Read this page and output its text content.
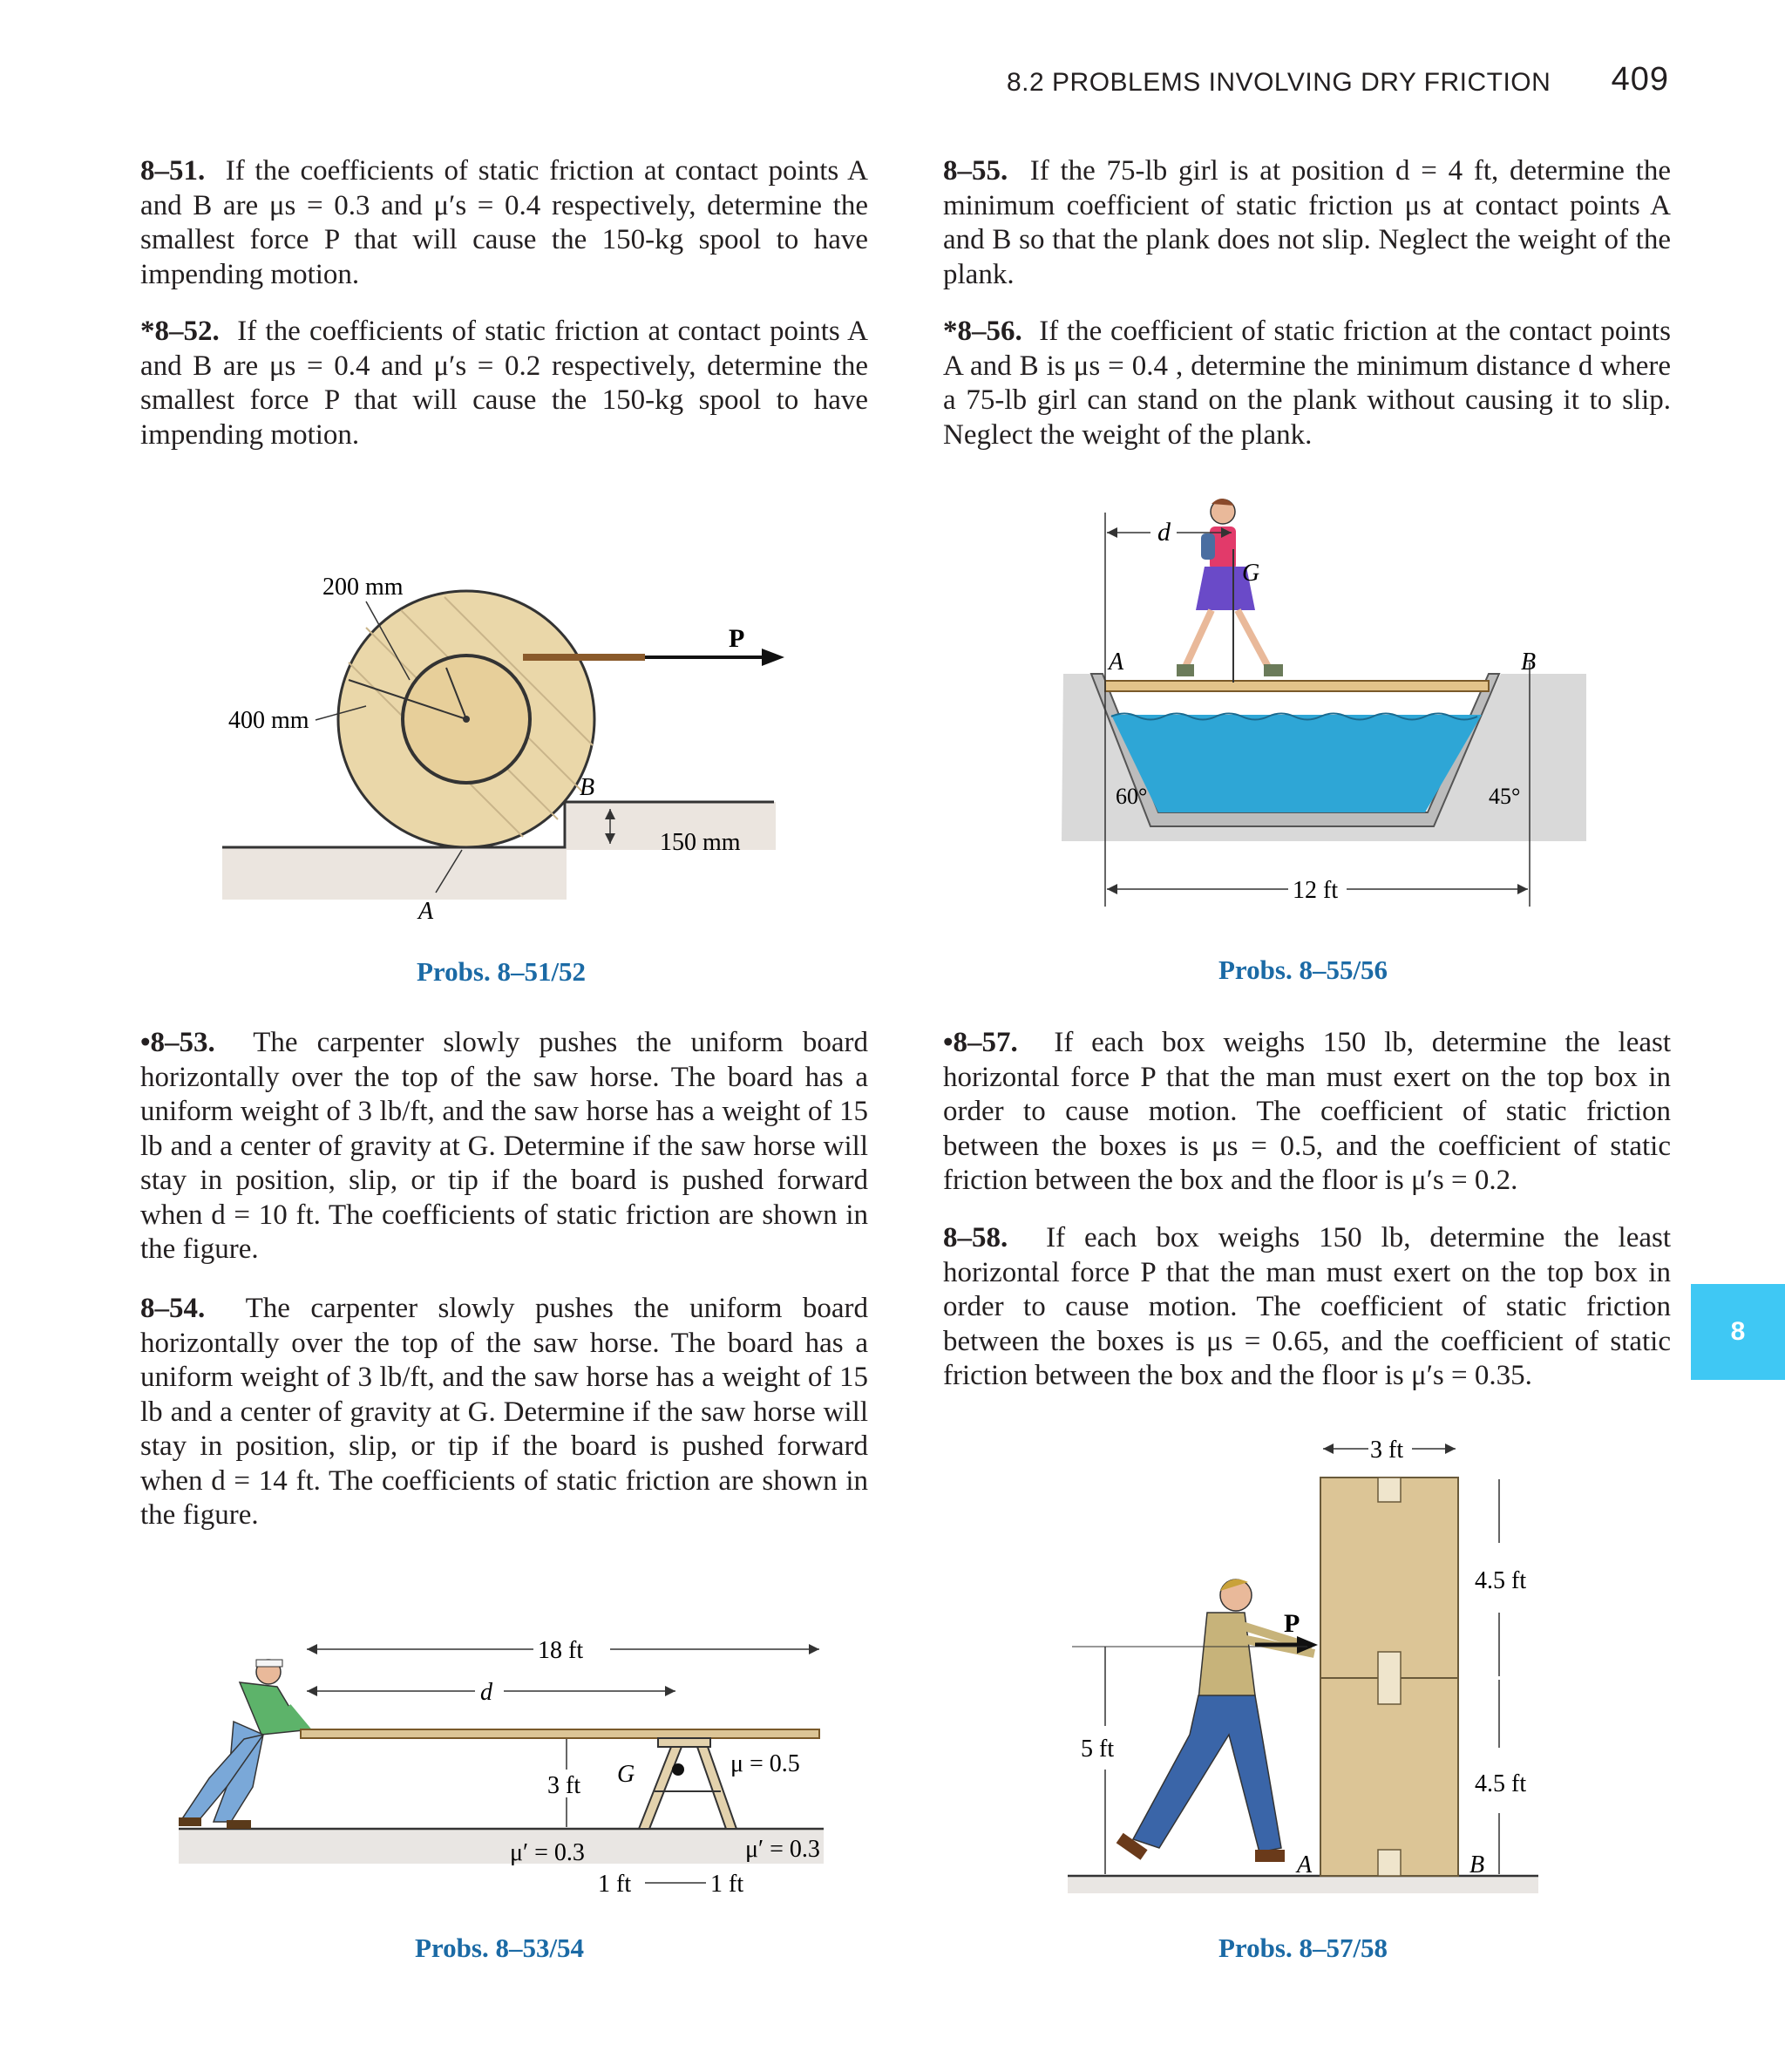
8.2 PROBLEMS INVOLVING DRY FRICTION 409

8–51. If the coefficients of static friction at contact points A and B are μs = 0.3 and μ′s = 0.4 respectively, determine the smallest force P that will cause the 150-kg spool to have impending motion.

*8–52. If the coefficients of static friction at contact points A and B are μs = 0.4 and μ′s = 0.2 respectively, determine the smallest force P that will cause the 150-kg spool to have impending motion.

8–55. If the 75-lb girl is at position d = 4 ft, determine the minimum coefficient of static friction μs at contact points A and B so that the plank does not slip. Neglect the weight of the plank.

*8–56. If the coefficient of static friction at the contact points A and B is μs = 0.4 , determine the minimum distance d where a 75-lb girl can stand on the plank without causing it to slip. Neglect the weight of the plank.

P
200 mm
400 mm
B
150 mm
A
Probs. 8–51/52
G
d
A	B
60°	45°
12 ft
Probs. 8–55/56

•8–53. The carpenter slowly pushes the uniform board horizontally over the top of the saw horse. The board has a uniform weight of 3 lb/ft, and the saw horse has a weight of 15 lb and a center of gravity at G. Determine if the saw horse will stay in position, slip, or tip if the board is pushed forward when d = 10 ft. The coefficients of static friction are shown in the figure.

8–54. The carpenter slowly pushes the uniform board horizontally over the top of the saw horse. The board has a uniform weight of 3 lb/ft, and the saw horse has a weight of 15 lb and a center of gravity at G. Determine if the saw horse will stay in position, slip, or tip if the board is pushed forward when d = 14 ft. The coefficients of static friction are shown in the figure.

•8–57. If each box weighs 150 lb, determine the least horizontal force P that the man must exert on the top box in order to cause motion. The coefficient of static friction between the boxes is μs = 0.5, and the coefficient of static friction between the box and the floor is μ′s = 0.2.

8–58. If each box weighs 150 lb, determine the least horizontal force P that the man must exert on the top box in order to cause motion. The coefficient of static friction between the boxes is μs = 0.65, and the coefficient of static friction between the box and the floor is μ′s = 0.35.

8
G
18 ft
d
3 ft
μ = 0.5
μ′ = 0.3	μ′ = 0.3
1 ft	1 ft
Probs. 8–53/54
P
3 ft
4.5 ft
4.5 ft
5 ft
A	B
Probs. 8–57/58
